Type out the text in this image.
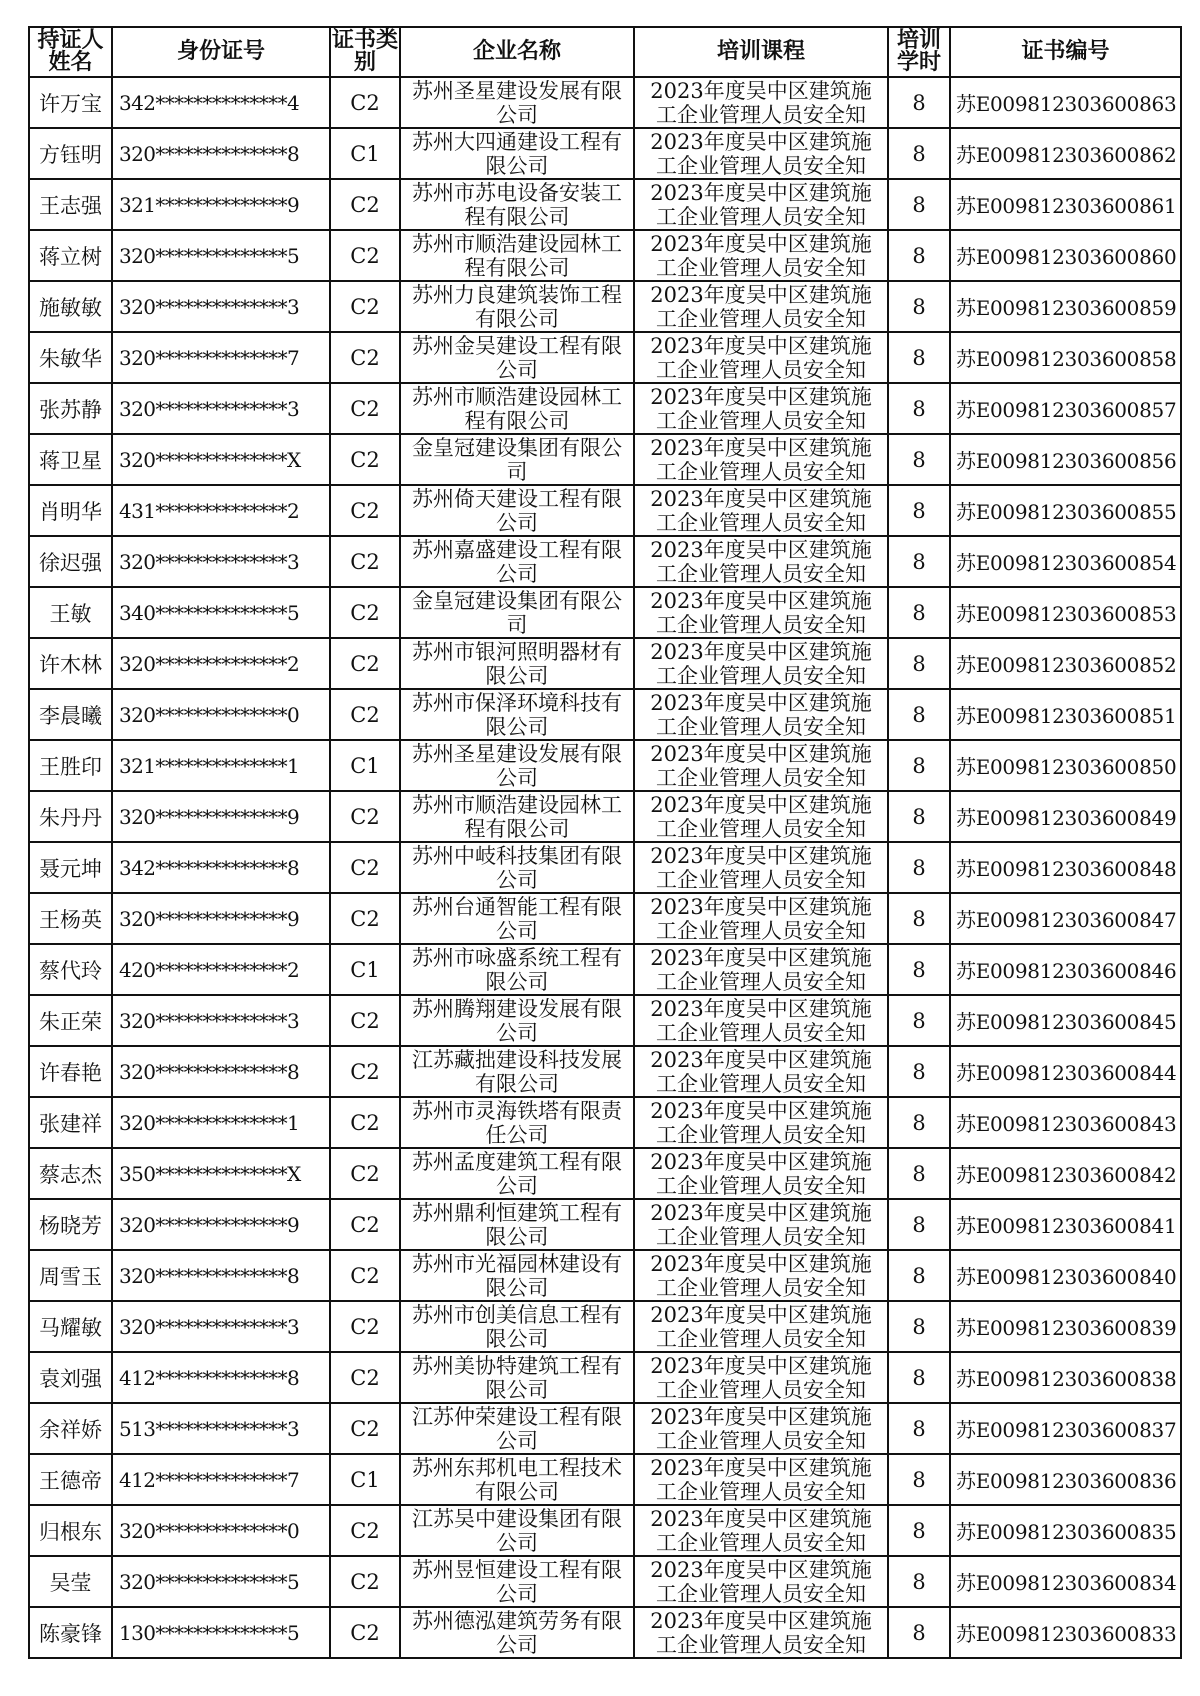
持证人姓名	身份证号	证书类别	企业名称	培训课程	培训学时	证书编号
许万宝	342**************4	C2	苏州圣星建设发展有限公司	2023年度吴中区建筑施工企业管理人员安全知	8	苏E009812303600863
方钰明	320**************8	C1	苏州大四通建设工程有限公司	2023年度吴中区建筑施工企业管理人员安全知	8	苏E009812303600862
王志强	321**************9	C2	苏州市苏电设备安装工程有限公司	2023年度吴中区建筑施工企业管理人员安全知	8	苏E009812303600861
蒋立树	320**************5	C2	苏州市顺浩建设园林工程有限公司	2023年度吴中区建筑施工企业管理人员安全知	8	苏E009812303600860
施敏敏	320**************3	C2	苏州力良建筑装饰工程有限公司	2023年度吴中区建筑施工企业管理人员安全知	8	苏E009812303600859
朱敏华	320**************7	C2	苏州金吴建设工程有限公司	2023年度吴中区建筑施工企业管理人员安全知	8	苏E009812303600858
张苏静	320**************3	C2	苏州市顺浩建设园林工程有限公司	2023年度吴中区建筑施工企业管理人员安全知	8	苏E009812303600857
蒋卫星	320**************X	C2	金皇冠建设集团有限公司	2023年度吴中区建筑施工企业管理人员安全知	8	苏E009812303600856
肖明华	431**************2	C2	苏州倚天建设工程有限公司	2023年度吴中区建筑施工企业管理人员安全知	8	苏E009812303600855
徐迟强	320**************3	C2	苏州嘉盛建设工程有限公司	2023年度吴中区建筑施工企业管理人员安全知	8	苏E009812303600854
王敏	340**************5	C2	金皇冠建设集团有限公司	2023年度吴中区建筑施工企业管理人员安全知	8	苏E009812303600853
许木林	320**************2	C2	苏州市银河照明器材有限公司	2023年度吴中区建筑施工企业管理人员安全知	8	苏E009812303600852
李晨曦	320**************0	C2	苏州市保泽环境科技有限公司	2023年度吴中区建筑施工企业管理人员安全知	8	苏E009812303600851
王胜印	321**************1	C1	苏州圣星建设发展有限公司	2023年度吴中区建筑施工企业管理人员安全知	8	苏E009812303600850
朱丹丹	320**************9	C2	苏州市顺浩建设园林工程有限公司	2023年度吴中区建筑施工企业管理人员安全知	8	苏E009812303600849
聂元坤	342**************8	C2	苏州中岐科技集团有限公司	2023年度吴中区建筑施工企业管理人员安全知	8	苏E009812303600848
王杨英	320**************9	C2	苏州台通智能工程有限公司	2023年度吴中区建筑施工企业管理人员安全知	8	苏E009812303600847
蔡代玲	420**************2	C1	苏州市咏盛系统工程有限公司	2023年度吴中区建筑施工企业管理人员安全知	8	苏E009812303600846
朱正荣	320**************3	C2	苏州腾翔建设发展有限公司	2023年度吴中区建筑施工企业管理人员安全知	8	苏E009812303600845
许春艳	320**************8	C2	江苏藏拙建设科技发展有限公司	2023年度吴中区建筑施工企业管理人员安全知	8	苏E009812303600844
张建祥	320**************1	C2	苏州市灵海铁塔有限责任公司	2023年度吴中区建筑施工企业管理人员安全知	8	苏E009812303600843
蔡志杰	350**************X	C2	苏州孟度建筑工程有限公司	2023年度吴中区建筑施工企业管理人员安全知	8	苏E009812303600842
杨晓芳	320**************9	C2	苏州鼎利恒建筑工程有限公司	2023年度吴中区建筑施工企业管理人员安全知	8	苏E009812303600841
周雪玉	320**************8	C2	苏州市光福园林建设有限公司	2023年度吴中区建筑施工企业管理人员安全知	8	苏E009812303600840
马耀敏	320**************3	C2	苏州市创美信息工程有限公司	2023年度吴中区建筑施工企业管理人员安全知	8	苏E009812303600839
袁刘强	412**************8	C2	苏州美协特建筑工程有限公司	2023年度吴中区建筑施工企业管理人员安全知	8	苏E009812303600838
余祥娇	513**************3	C2	江苏仲荣建设工程有限公司	2023年度吴中区建筑施工企业管理人员安全知	8	苏E009812303600837
王德帝	412**************7	C1	苏州东邦机电工程技术有限公司	2023年度吴中区建筑施工企业管理人员安全知	8	苏E009812303600836
归根东	320**************0	C2	江苏吴中建设集团有限公司	2023年度吴中区建筑施工企业管理人员安全知	8	苏E009812303600835
吴莹	320**************5	C2	苏州昱恒建设工程有限公司	2023年度吴中区建筑施工企业管理人员安全知	8	苏E009812303600834
陈豪锋	130**************5	C2	苏州德泓建筑劳务有限公司	2023年度吴中区建筑施工企业管理人员安全知	8	苏E009812303600833
